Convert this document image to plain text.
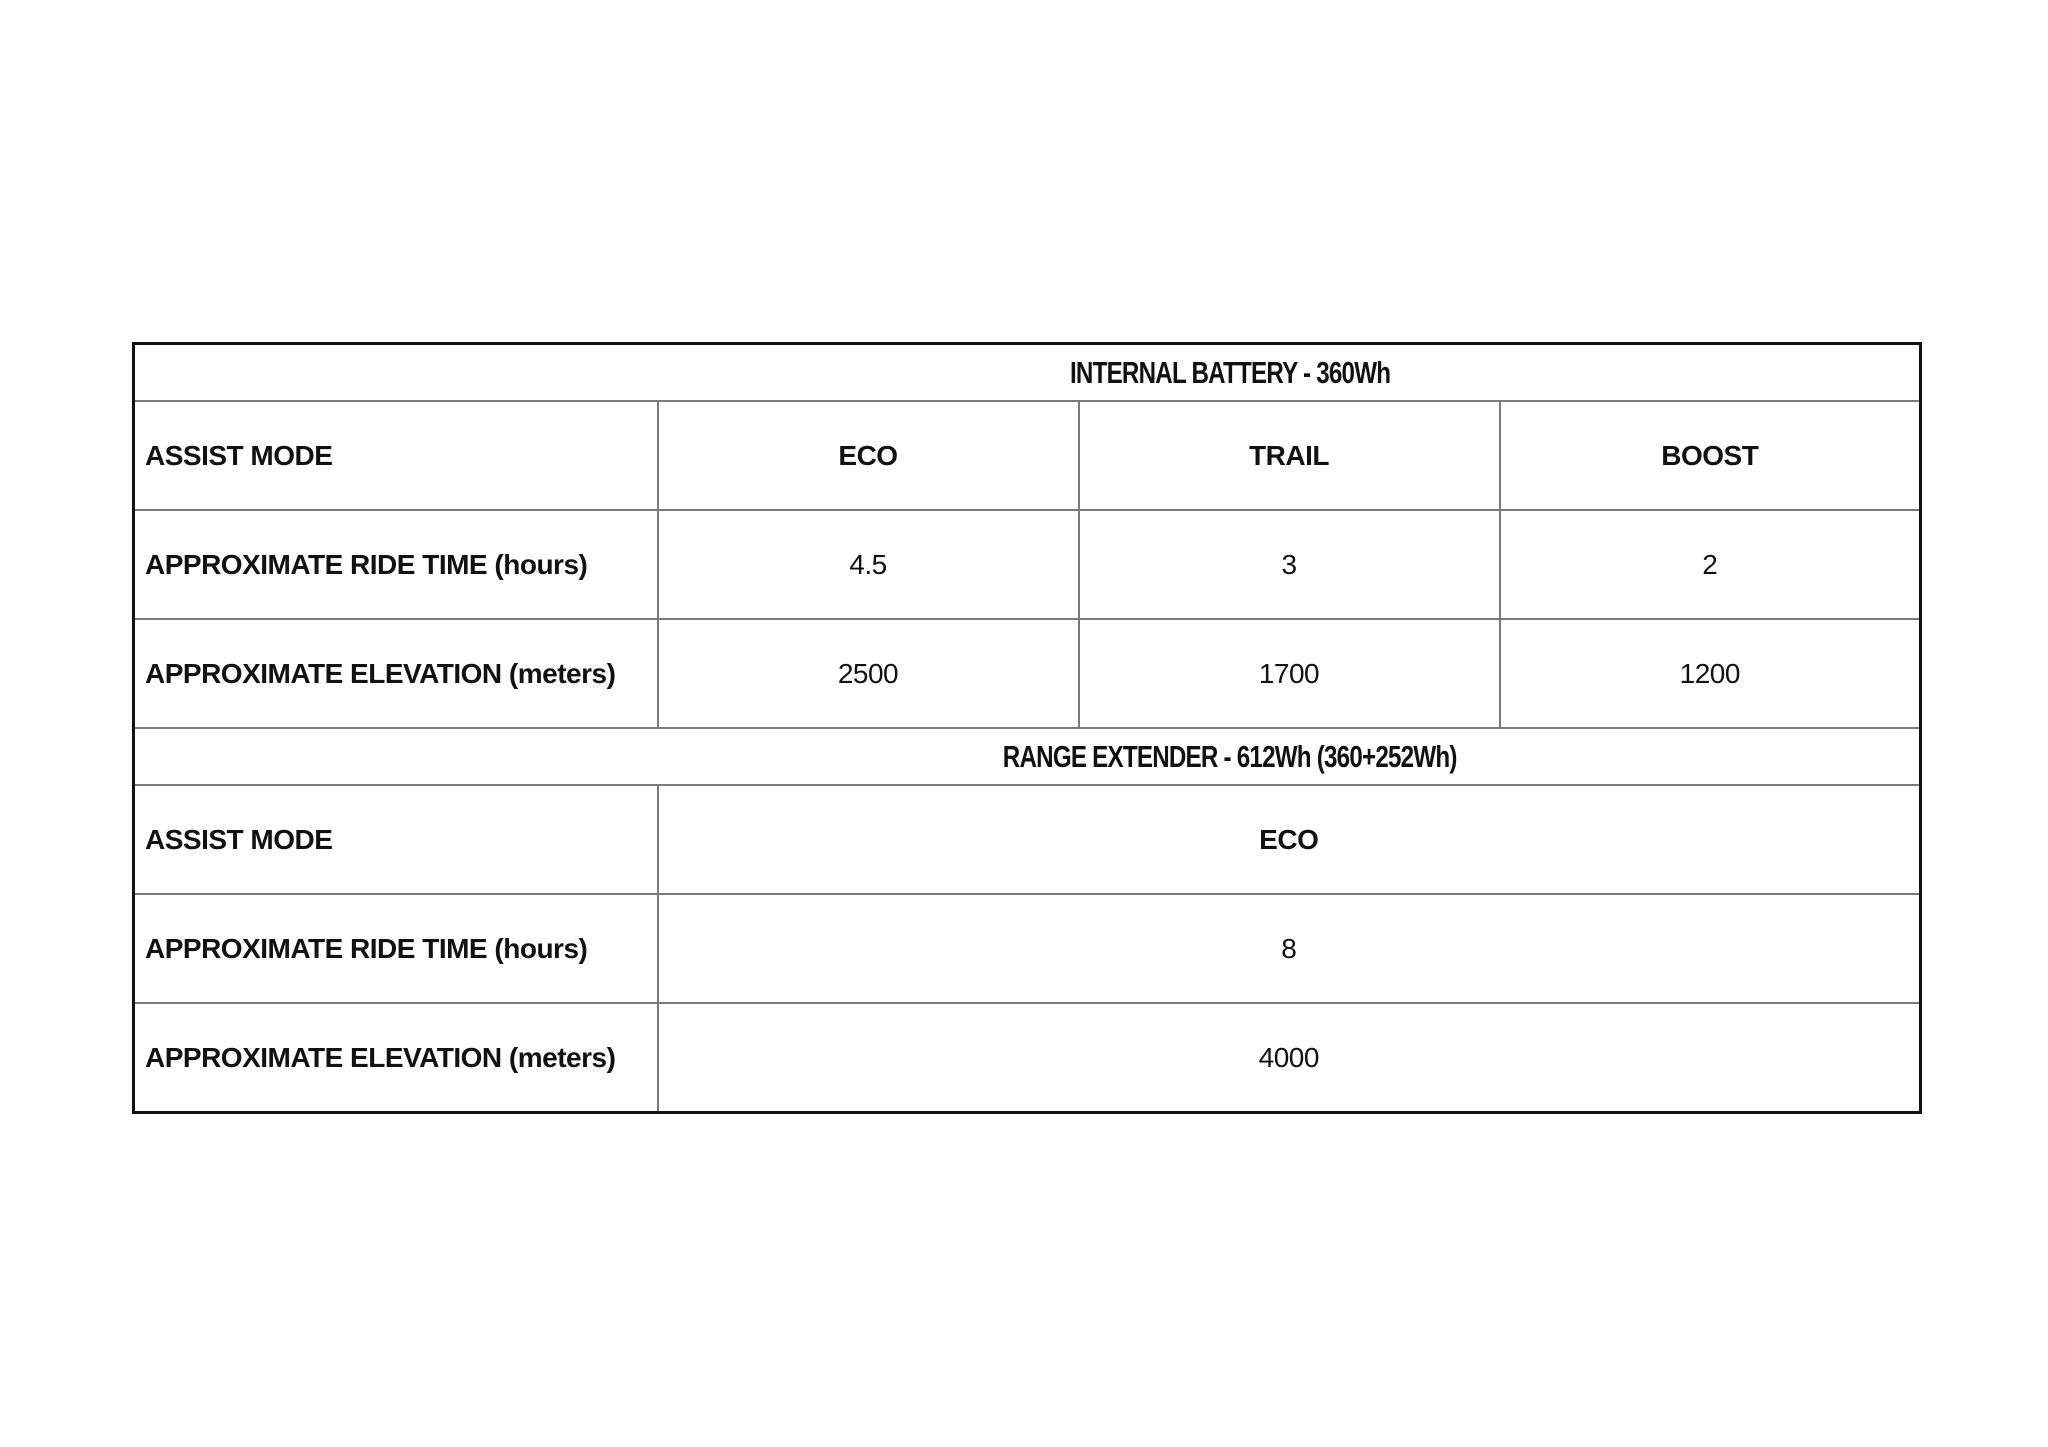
INTERNAL BATTERY - 360Wh			
ASSIST MODE	ECO	TRAIL	BOOST
APPROXIMATE RIDE TIME (hours)	4.5	3	2
APPROXIMATE ELEVATION (meters)	2500	1700	1200
RANGE EXTENDER - 612Wh (360+252Wh)			
ASSIST MODE	ECO		
APPROXIMATE RIDE TIME (hours)	8		
APPROXIMATE ELEVATION (meters)	4000		
